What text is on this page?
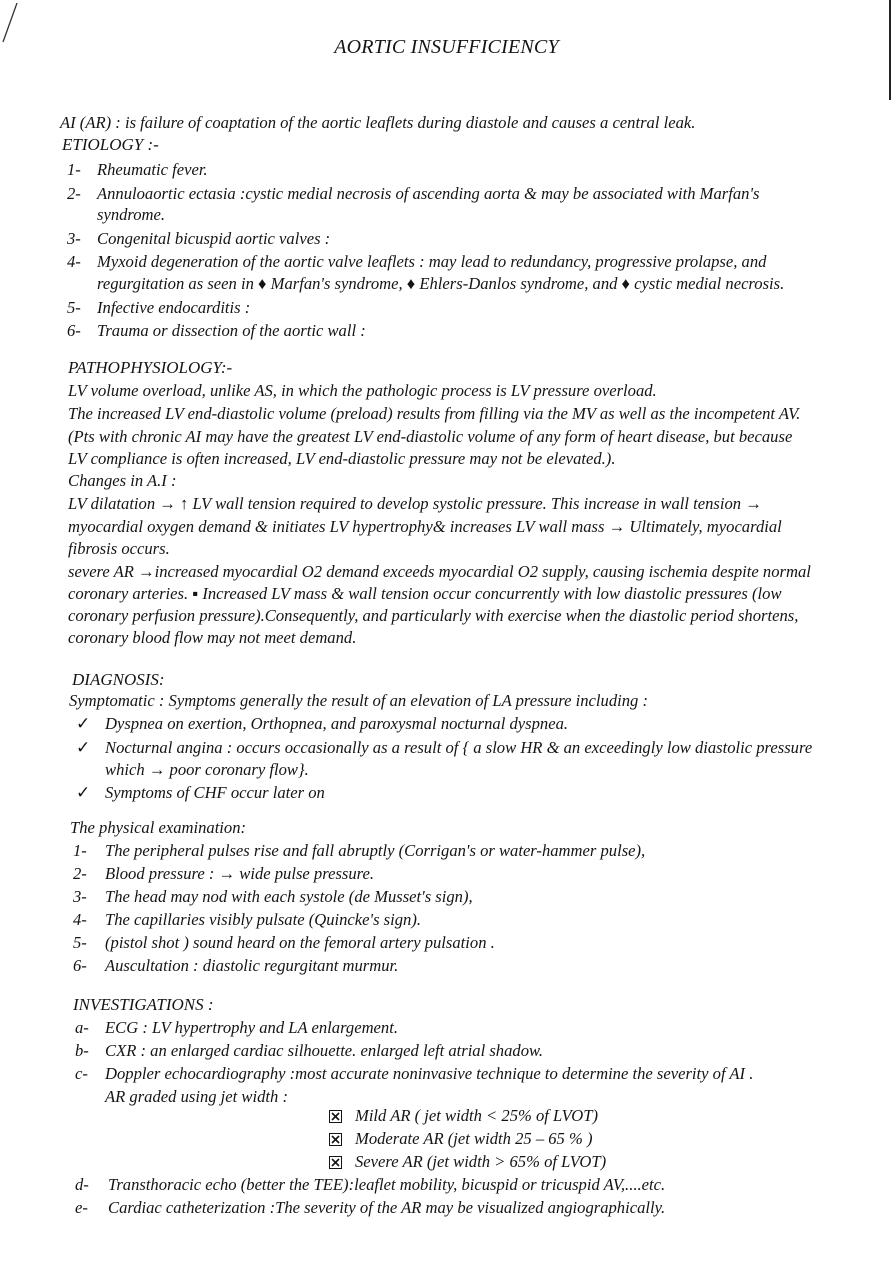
AORTIC INSUFFICIENCY
AI (AR) : is failure of coaptation of the aortic leaflets during diastole and causes a central leak.
ETIOLOGY :-
1- Rheumatic fever.
2- Annuloaortic ectasia :cystic medial necrosis of ascending aorta & may be associated with Marfan's
syndrome.
3- Congenital bicuspid aortic valves :
4- Myxoid degeneration of the aortic valve leaflets : may lead to redundancy, progressive prolapse, and
regurgitation as seen in ♦ Marfan's syndrome, ♦ Ehlers-Danlos syndrome, and ♦ cystic medial necrosis.
5- Infective endocarditis :
6- Trauma or dissection of the aortic wall :
PATHOPHYSIOLOGY:-
LV volume overload, unlike AS, in which the pathologic process is LV pressure overload.
The increased LV end-diastolic volume (preload) results from filling via the MV as well as the incompetent AV.
(Pts with chronic AI may have the greatest LV end-diastolic volume of any form of heart disease, but because
LV compliance is often increased, LV end-diastolic pressure may not be elevated.).
Changes in A.I :
LV dilatation → ↑ LV wall tension required to develop systolic pressure. This increase in wall tension →
myocardial oxygen demand & initiates LV hypertrophy& increases LV wall mass → Ultimately, myocardial
fibrosis occurs.
severe AR →increased myocardial O2 demand exceeds myocardial O2 supply, causing ischemia despite normal
coronary arteries. ▪ Increased LV mass & wall tension occur concurrently with low diastolic pressures (low
coronary perfusion pressure).Consequently, and particularly with exercise when the diastolic period shortens,
coronary blood flow may not meet demand.
DIAGNOSIS:
Symptomatic : Symptoms generally the result of an elevation of LA pressure including :
✓ Dyspnea on exertion, Orthopnea, and paroxysmal nocturnal dyspnea.
✓ Nocturnal angina : occurs occasionally as a result of { a slow HR & an exceedingly low diastolic pressure
which → poor coronary flow}.
✓ Symptoms of CHF occur later on
The physical examination:
1- The peripheral pulses rise and fall abruptly (Corrigan's or water-hammer pulse),
2- Blood pressure : → wide pulse pressure.
3- The head may nod with each systole (de Musset's sign),
4- The capillaries visibly pulsate (Quincke's sign).
5- (pistol shot ) sound heard on the femoral artery pulsation .
6- Auscultation : diastolic regurgitant murmur.
INVESTIGATIONS :
a- ECG : LV hypertrophy and LA enlargement.
b- CXR : an enlarged cardiac silhouette. enlarged left atrial shadow.
c- Doppler echocardiography :most accurate noninvasive technique to determine the severity of AI .
AR graded using jet width :
Mild AR ( jet width < 25% of LVOT)
Moderate AR (jet width 25 – 65 % )
Severe AR (jet width > 65% of LVOT)
d- Transthoracic echo (better the TEE):leaflet mobility, bicuspid or tricuspid AV,....etc.
e- Cardiac catheterization :The severity of the AR may be visualized angiographically.
